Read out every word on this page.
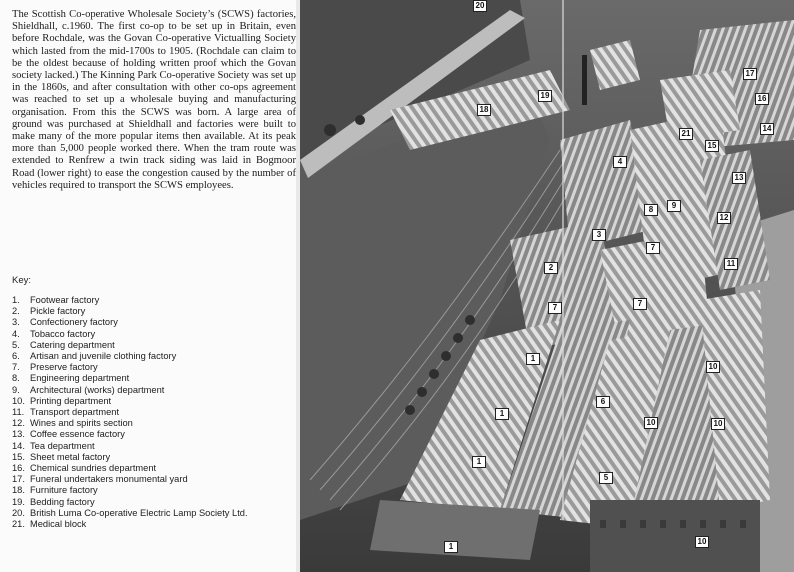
The Scottish Co-operative Wholesale Society’s (SCWS) factories, Shieldhall, c.1960. The first co-op to be set up in Britain, even before Rochdale, was the Govan Co-operative Victualling Society which lasted from the mid-1700s to 1905. (Rochdale can claim to be the oldest because of holding written proof which the Govan society lacked.) The Kinning Park Co-operative Society was set up in the 1860s, and after consultation with other co-ops agreement was reached to set up a wholesale buying and manufacturing organisation. From this the SCWS was born. A large area of ground was purchased at Shieldhall and factories were built to make many of the more popular items then available. At its peak more than 5,000 people worked there. When the tram route was extended to Renfrew a twin track siding was laid in Bogmoor Road (lower right) to ease the congestion caused by the number of vehicles required to transport the SCWS employees.

Key:

1. Footwear factory
2. Pickle factory
3. Confectionery factory
4. Tobacco factory
5. Catering department
6. Artisan and juvenile clothing factory
7. Preserve factory
8. Engineering department
9. Architectural (works) department
10. Printing department
11. Transport department
12. Wines and spirits section
13. Coffee essence factory
14. Tea department
15. Sheet metal factory
16. Chemical sundries department
17. Funeral undertakers monumental yard
18. Furniture factory
19. Bedding factory
20. British Luma Co-operative Electric Lamp Society Ltd.
21. Medical block
20
19
18
17
16
14
21
15
4
13
8	9
12
3
7
2	11
7	7
1
10
1
6
10	10
1
5
1
10
